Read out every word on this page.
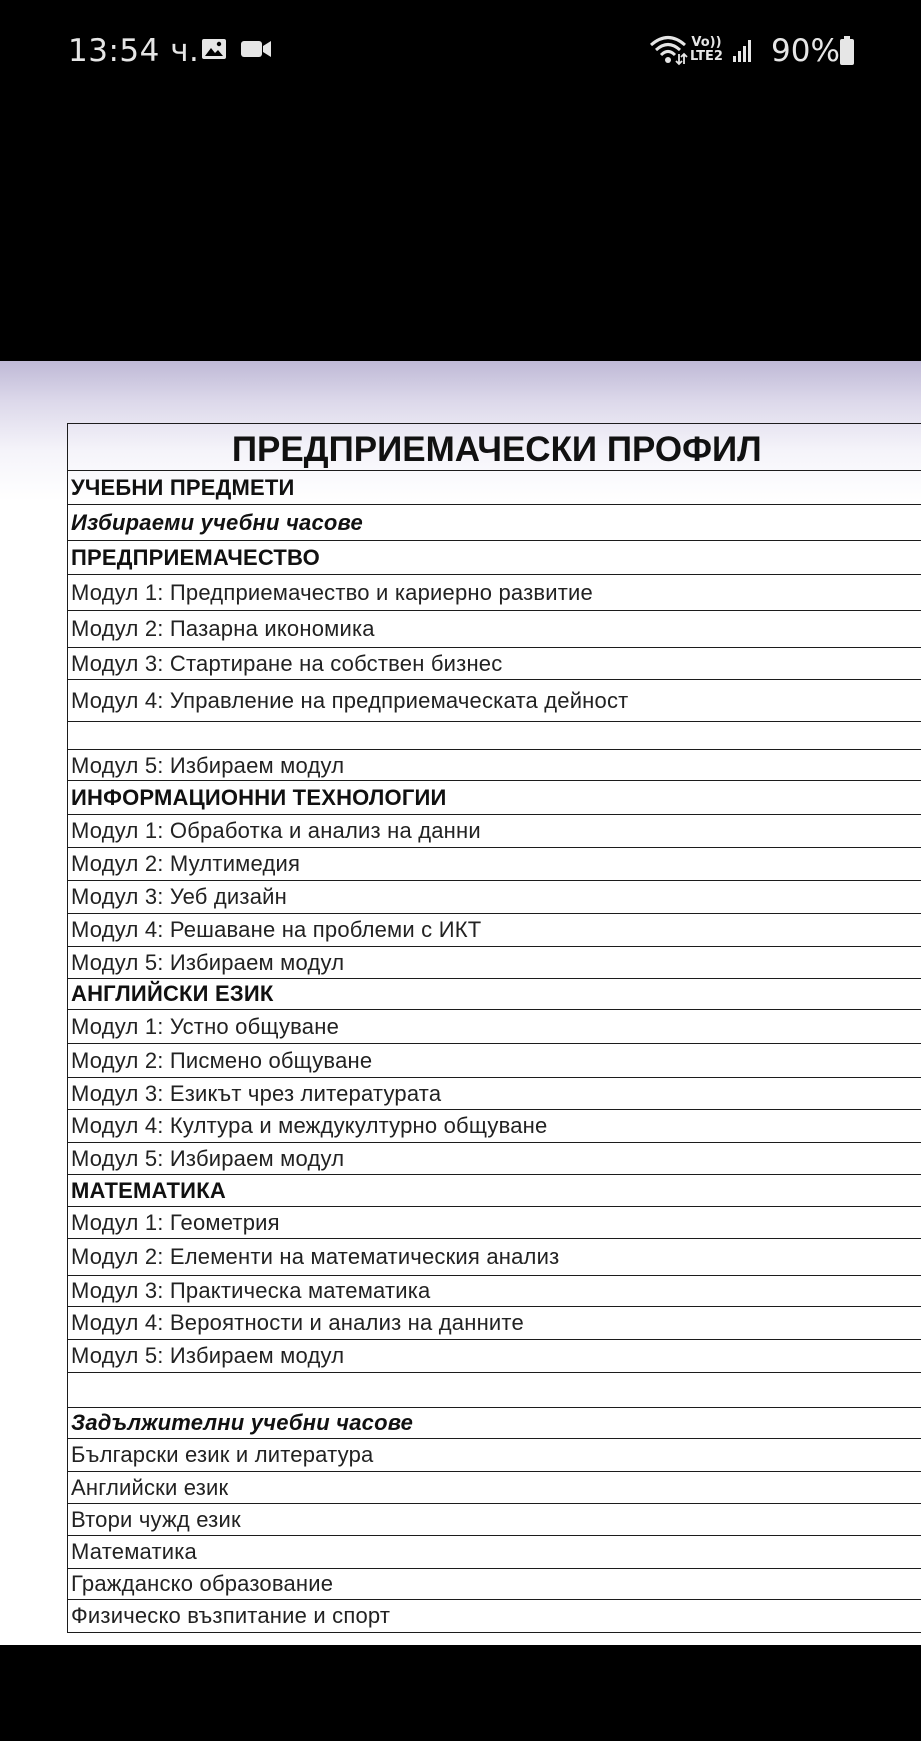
13:54 ч.	Vo))
LTE2 90%
ПРЕДПРИЕМАЧЕСКИ ПРОФИЛ
УЧЕБНИ ПРЕДМЕТИ
Избираеми учебни часове
ПРЕДПРИЕМАЧЕСТВО
Модул 1: Предприемачество и кариерно развитие
Модул 2: Пазарна икономика
Модул 3: Стартиране на собствен бизнес
Модул 4: Управление на предприемаческата дейност

Модул 5: Избираем модул
ИНФОРМАЦИОННИ ТЕХНОЛОГИИ
Модул 1: Обработка и анализ на данни
Модул 2: Мултимедия
Модул 3: Уеб дизайн
Модул 4: Решаване на проблеми с ИКТ
Модул 5: Избираем модул
АНГЛИЙСКИ ЕЗИК
Модул 1: Устно общуване
Модул 2: Писмено общуване
Модул 3: Езикът чрез литературата
Модул 4: Култура и междукултурно общуване
Модул 5: Избираем модул
МАТЕМАТИКА
Модул 1: Геометрия
Модул 2: Елементи на математическия анализ
Модул 3: Практическа математика
Модул 4: Вероятности и анализ на данните
Модул 5: Избираем модул

Задължителни учебни часове
Български език и литература
Английски език
Втори чужд език
Математика
Гражданско образование
Физическо възпитание и спорт
